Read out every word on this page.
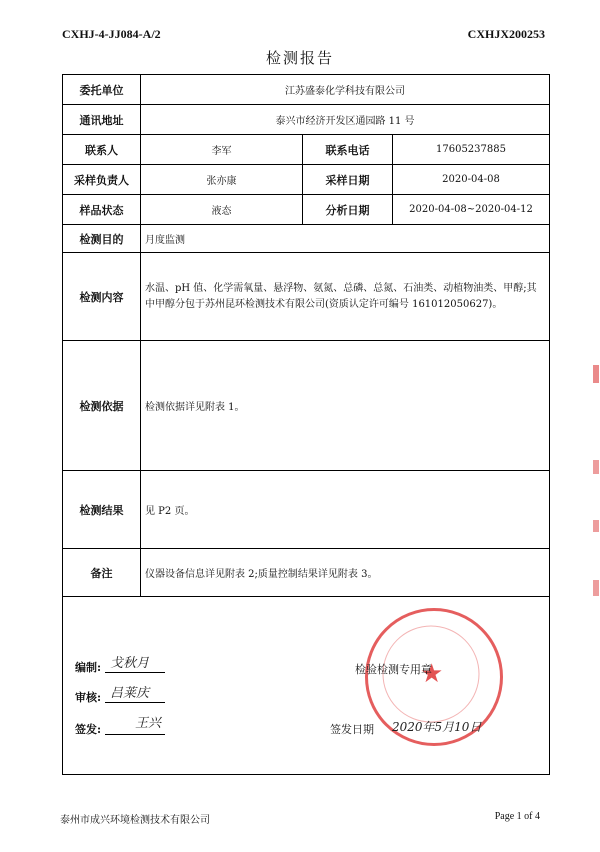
CXHJ-4-JJ084-A/2	CXHJX200253
检测报告
委托单位	江苏盛泰化学科技有限公司		
通讯地址	泰兴市经济开发区通园路 11 号		
联系人	李军	联系电话	17605237885
采样负责人	张亦康	采样日期	2020-04-08
样品状态	液态	分析日期	2020-04-08~2020-04-12
检测目的	月度监测		
检测内容	水温、pH 值、化学需氧量、悬浮物、氨氮、总磷、总氮、石油类、动植物油类、甲醇;其中甲醇分包于苏州昆环检测技术有限公司(资质认定许可编号 161012050627)。		
检测依据	检测依据详见附表 1。		
检测结果	见 P2 页。		
备注	仪器设备信息详见附表 2;质量控制结果详见附表 3。		

编制: 戈秋月
审核: 吕莱庆
签发:	王兴
★
检验检测专用章
签发日期 2020年5月10日
泰州市成兴环境检测技术有限公司	Page 1 of 4
